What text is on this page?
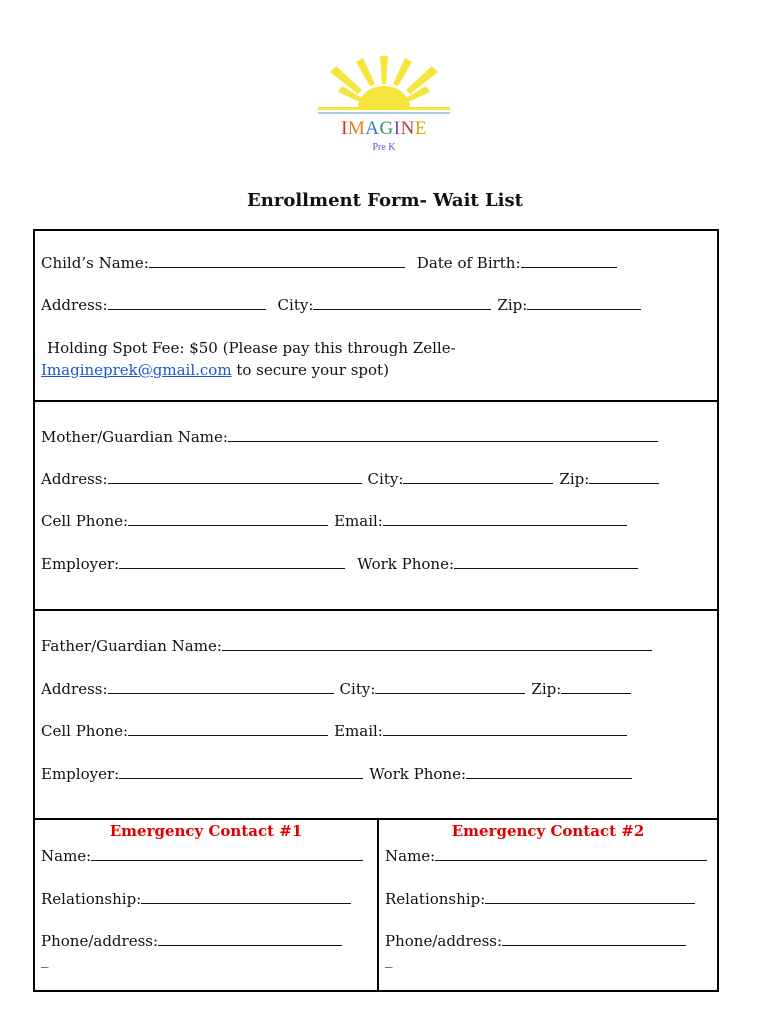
IMAGINE
Pre K
Enrollment Form- Wait List
Child’s Name:	Date of Birth:
Address:	City:	Zip:
Holding Spot Fee: $50 (Please pay this through Zelle-
Imagineprek@gmail.com to secure your spot)
Mother/Guardian Name:
Address:	City:	Zip:
Cell Phone:	Email:
Employer:	Work Phone:
Father/Guardian Name:
Address:	City:	Zip:
Cell Phone:	Email:
Employer:	Work Phone:
Emergency Contact #1
Name:
Relationship:
Phone/address:
_
Emergency Contact #2
Name:
Relationship:
Phone/address:
_
